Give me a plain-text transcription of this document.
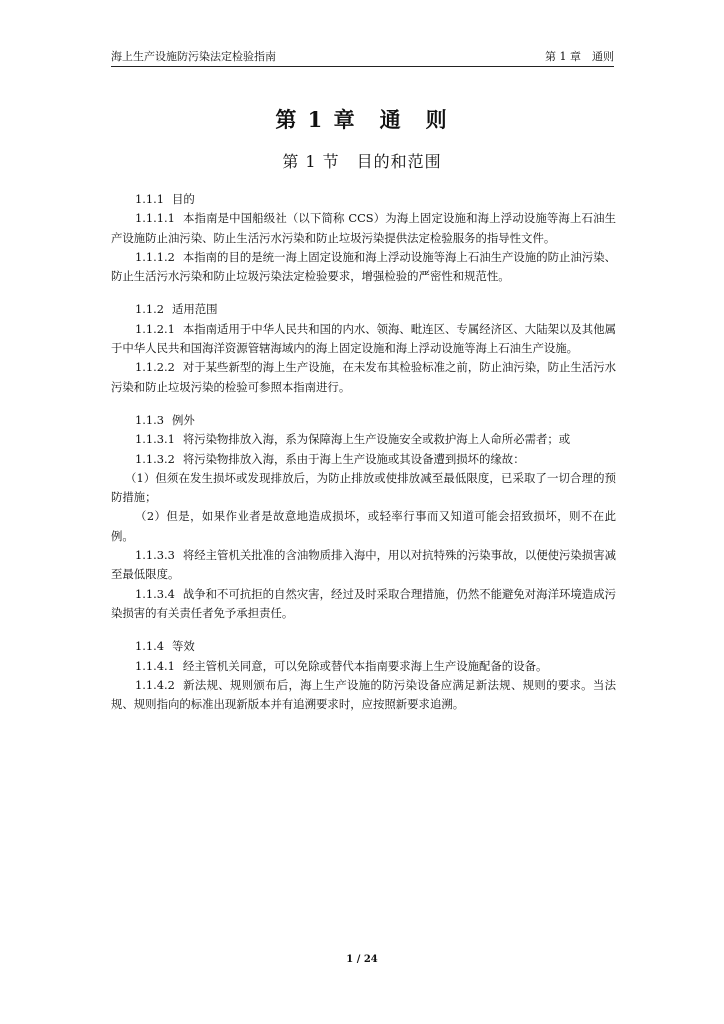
海上生产设施防污染法定检验指南	第 1 章　通则
第 1 章　通　则
第 1 节　目的和范围

1.1.1 目的

1.1.1.1 本指南是中国船级社（以下简称 CCS）为海上固定设施和海上浮动设施等海上石油生产设施防止油污染、防止生活污水污染和防止垃圾污染提供法定检验服务的指导性文件。

1.1.1.2 本指南的目的是统一海上固定设施和海上浮动设施等海上石油生产设施的防止油污染、防止生活污水污染和防止垃圾污染法定检验要求，增强检验的严密性和规范性。

1.1.2 适用范围

1.1.2.1 本指南适用于中华人民共和国的内水、领海、毗连区、专属经济区、大陆架以及其他属于中华人民共和国海洋资源管辖海域内的海上固定设施和海上浮动设施等海上石油生产设施。

1.1.2.2 对于某些新型的海上生产设施，在未发布其检验标准之前，防止油污染，防止生活污水污染和防止垃圾污染的检验可参照本指南进行。

1.1.3 例外

1.1.3.1 将污染物排放入海，系为保障海上生产设施安全或救护海上人命所必需者；或

1.1.3.2 将污染物排放入海，系由于海上生产设施或其设备遭到损坏的缘故：

（1）但须在发生损坏或发现排放后，为防止排放或使排放减至最低限度，已采取了一切合理的预防措施；

（2）但是，如果作业者是故意地造成损坏，或轻率行事而又知道可能会招致损坏，则不在此例。

1.1.3.3 将经主管机关批准的含油物质排入海中，用以对抗特殊的污染事故，以便使污染损害减至最低限度。

1.1.3.4 战争和不可抗拒的自然灾害，经过及时采取合理措施，仍然不能避免对海洋环境造成污染损害的有关责任者免予承担责任。

1.1.4 等效

1.1.4.1 经主管机关同意，可以免除或替代本指南要求海上生产设施配备的设备。

1.1.4.2 新法规、规则颁布后，海上生产设施的防污染设备应满足新法规、规则的要求。当法规、规则指向的标准出现新版本并有追溯要求时，应按照新要求追溯。

1 / 24
